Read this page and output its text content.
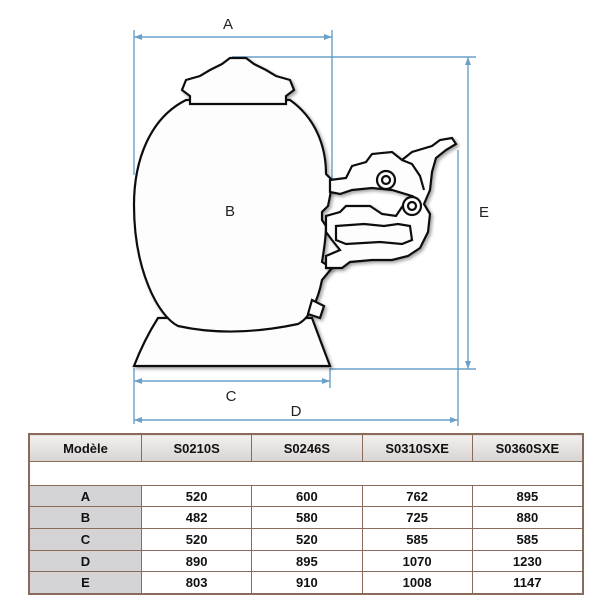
A
B
C
D
E
Modèle	S0210S	S0246S	S0310SXE	S0360SXE

A	520	600	762	895
B	482	580	725	880
C	520	520	585	585
D	890	895	1070	1230
E	803	910	1008	1147
